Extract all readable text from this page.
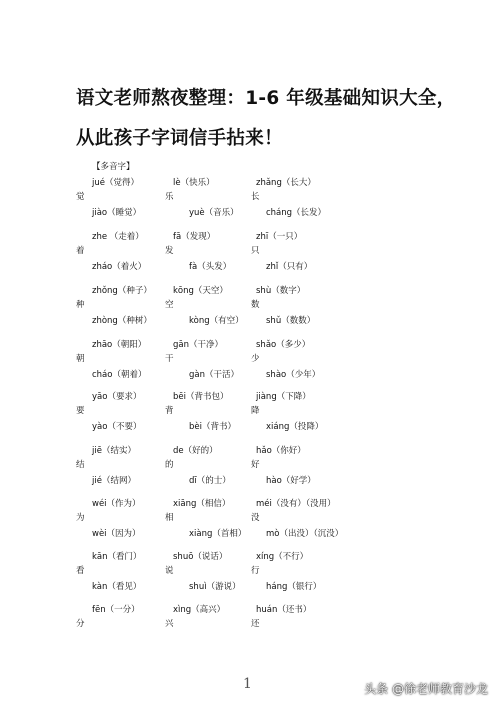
语文老师熬夜整理：1-6 年级基础知识大全，
从此孩子字词信手拈来！
【多音字】
jué（觉得）
觉
jiào（睡觉）
lè（快乐）
乐
yuè（音乐）
zhǎng（长大）
长
cháng（长发）
zhe （走着）
着
zháo（着火）
fā（发现）
发
fà（头发）
zhī（一只）
只
zhǐ（只有）
zhǒng（种子）
种
zhòng（种树）
kōng（天空）
空
kòng（有空）
shù（数字）
数
shǔ（数数）
zhāo（朝阳）
朝
cháo（朝着）
gān（干净）
干
gàn（干活）
shǎo（多少）
少
shào（少年）
yāo（要求）
要
yào（不要）
bēi（背书包）
背
bèi（背书）
jiàng（下降）
降
xiáng（投降）
jiē（结实）
结
jié（结网）
de（好的）
的
dī（的士）
hǎo（你好）
好
hào（好学）
wéi（作为）
为
wèi（因为）
xiāng（相信）
相
xiàng（首相）
méi（没有）（没用）
没
mò（出没）（沉没）
kān（看门）
看
kàn（看见）
shuō（说话）
说
shuì（游说）
xíng（不行）
行
háng（银行）
fēn（一分）
分
xìng（高兴）
兴
huán（还书）
还
1	头条 @徐老师教育沙龙
